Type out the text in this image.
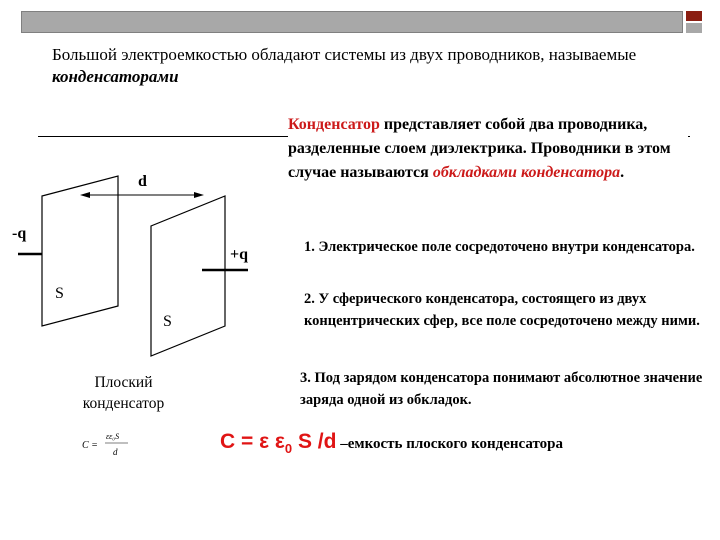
Большой электроемкостью обладают системы из двух проводников, называемые конденсаторами
Конденсатор представляет собой два проводника, разделенные слоем диэлектрика. Проводники в этом случае называются обкладками конденсатора.
1. Электрическое поле сосредоточено внутри конденсатора.
2. У сферического конденсатора, состоящего из двух концентрических сфер, все поле сосредоточено между ними.
3. Под зарядом конденсатора понимают абсолютное значение заряда одной из обкладок.
C = ε $\varepsilon_0$ S /d –емкость плоского конденсатора
d
-q
+q
S
S
Плоский
конденсатор
C =
εε₀S
d
